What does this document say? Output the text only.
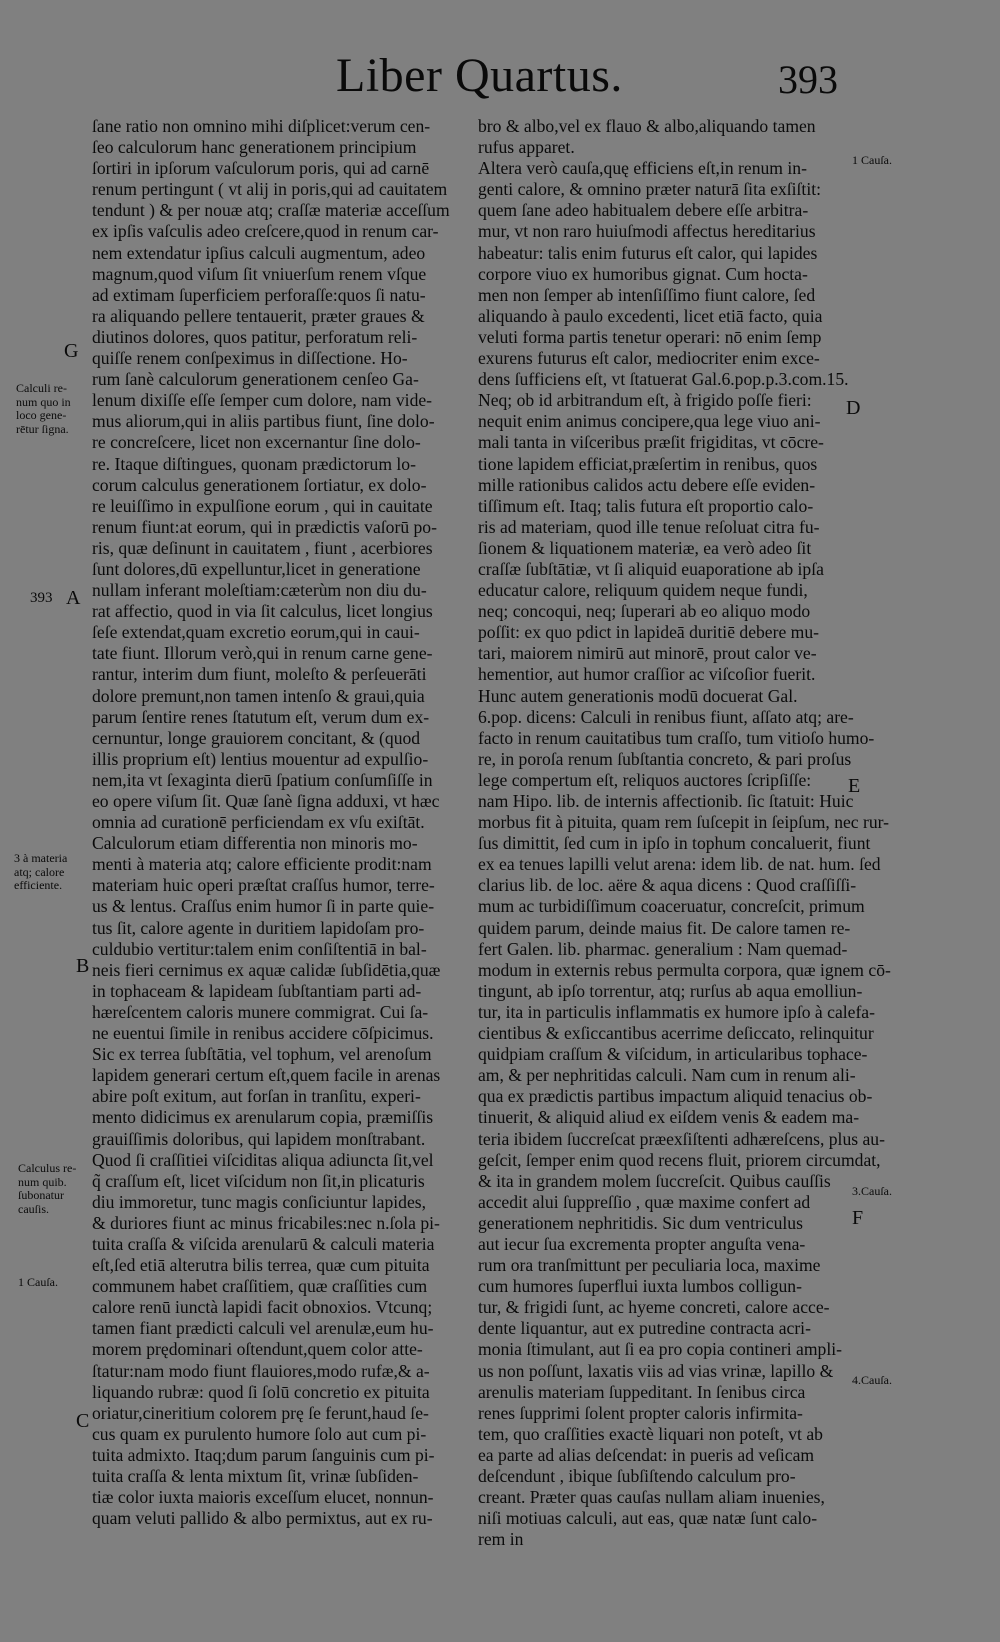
Liber Quartus.	393
ſane ratio non omnino mihi diſplicet:verum cen-
ſeo calculorum hanc generationem principium
ſortiri in ipſorum vaſculorum poris, qui ad carnē
renum pertingunt ( vt alij in poris,qui ad cauitatem
tendunt ) & per nouæ atq; craſſæ materiæ acceſſum
ex ipſis vaſculis adeo creſcere,quod in renum car-
nem extendatur ipſius calculi augmentum, adeo
magnum,quod viſum ſit vniuerſum renem vſque
ad extimam ſuperficiem perforaſſe:quos ſi natu-
ra aliquando pellere tentauerit, præter graues &
diutinos dolores, quos patitur, perforatum reli-
quiſſe renem conſpeximus in diſſectione. Ho-
rum ſanè calculorum generationem cenſeo Ga-
lenum dixiſſe eſſe ſemper cum dolore, nam vide-
mus aliorum,qui in aliis partibus fiunt, ſine dolo-
re concreſcere, licet non excernantur ſine dolo-
re. Itaque diſtingues, quonam prædictorum lo-
corum calculus generationem ſortiatur, ex dolo-
re leuiſſimo in expulſione eorum , qui in cauitate
renum fiunt:at eorum, qui in prædictis vaſorū po-
ris, quæ deſinunt in cauitatem , fiunt , acerbiores
ſunt dolores,dū expelluntur,licet in generatione
nullam inferant moleſtiam:cæterùm non diu du-
rat affectio, quod in via ſit calculus, licet longius
ſeſe extendat,quam excretio eorum,qui in caui-
tate fiunt. Illorum verò,qui in renum carne gene-
rantur, interim dum fiunt, moleſto & perſeuerāti
dolore premunt,non tamen intenſo & graui,quia
parum ſentire renes ſtatutum eſt, verum dum ex-
cernuntur, longe grauiorem concitant, & (quod
illis proprium eſt) lentius mouentur ad expulſio-
nem,ita vt ſexaginta dierū ſpatium conſumſiſſe in
eo opere viſum ſit. Quæ ſanè ſigna adduxi, vt hæc
omnia ad curationē perficiendam ex vſu exiſtāt.
Calculorum etiam differentia non minoris mo-
menti à materia atq; calore efficiente prodit:nam
materiam huic operi præſtat craſſus humor, terre-
us & lentus. Craſſus enim humor ſi in parte quie-
tus ſit, calore agente in duritiem lapidoſam pro-
culdubio vertitur:talem enim conſiſtentiā in bal-
neis fieri cernimus ex aquæ calidæ ſubſidētia,quæ
in tophaceam & lapideam ſubſtantiam parti ad-
hæreſcentem caloris munere commigrat. Cui ſa-
ne euentui ſimile in renibus accidere cōſpicimus.
Sic ex terrea ſubſtātia, vel tophum, vel arenoſum
lapidem generari certum eſt,quem facile in arenas
abire poſt exitum, aut forſan in tranſitu, experi-
mento didicimus ex arenularum copia, præmiſſis
grauiſſimis doloribus, qui lapidem monſtrabant.
Quod ſi craſſitiei viſciditas aliqua adiuncta ſit,vel
q̃ craſſum eſt, licet viſcidum non ſit,in plicaturis
diu immoretur, tunc magis conſiciuntur lapides,
& duriores fiunt ac minus fricabiles:nec n.ſola pi-
tuita craſſa & viſcida arenularū & calculi materia
eſt,ſed etiā alterutra bilis terrea, quæ cum pituita
communem habet craſſitiem, quæ craſſities cum
calore renū iunctà lapidi facit obnoxios. Vtcunq;
tamen fiant prædicti calculi vel arenulæ,eum hu-
morem prędominari oſtendunt,quem color atte-
ſtatur:nam modo fiunt flauiores,modo rufæ,& a-
liquando rubræ: quod ſi ſolū concretio ex pituita
oriatur,cineritium colorem prę ſe ferunt,haud ſe-
cus quam ex purulento humore ſolo aut cum pi-
tuita admixto. Itaq;dum parum ſanguinis cum pi-
tuita craſſa & lenta mixtum ſit, vrinæ ſubſiden-
tiæ color iuxta maioris exceſſum elucet, nonnun-
quam veluti pallido & albo permixtus, aut ex ru-
bro & albo,vel ex flauo & albo,aliquando tamen
rufus apparet.
Altera verò cauſa,quę efficiens eſt,in renum in-
genti calore, & omnino præter naturā ſita exſiſtit:
quem ſane adeo habitualem debere eſſe arbitra-
mur, vt non raro huiuſmodi affectus hereditarius
habeatur: talis enim futurus eſt calor, qui lapides
corpore viuo ex humoribus gignat. Cum hocta-
men non ſemper ab intenſiſſimo fiunt calore, ſed
aliquando à paulo excedenti, licet etiā facto, quia
veluti forma partis tenetur operari: nō enim ſemp
exurens futurus eſt calor, mediocriter enim exce-
dens ſufficiens eſt, vt ſtatuerat Gal.6.pop.p.3.com.15.
Neq; ob id arbitrandum eſt, à frigido poſſe fieri:
nequit enim animus concipere,qua lege viuo ani-
mali tanta in viſceribus præſit frigiditas, vt cōcre-
tione lapidem efficiat,præſertim in renibus, quos
mille rationibus calidos actu debere eſſe eviden-
tiſſimum eſt. Itaq; talis futura eſt proportio calo-
ris ad materiam, quod ille tenue reſoluat citra fu-
ſionem & liquationem materiæ, ea verò adeo ſit
craſſæ ſubſtātiæ, vt ſi aliquid euaporatione ab ipſa
educatur calore, reliquum quidem neque fundi,
neq; concoqui, neq; ſuperari ab eo aliquo modo
poſſit: ex quo pdict in lapideā duritiē debere mu-
tari, maiorem nimirū aut minorē, prout calor ve-
hementior, aut humor craſſior ac viſcoſior fuerit.
Hunc autem generationis modū docuerat Gal.
6.pop. dicens: Calculi in renibus fiunt, aſſato atq; are-
facto in renum cauitatibus tum craſſo, tum vitioſo humo-
re, in poroſa renum ſubſtantia concreto, & pari proſus
lege compertum eſt, reliquos auctores ſcripſiſſe:
nam Hipo. lib. de internis affectionib. ſic ſtatuit: Huic
morbus fit à pituita, quam rem ſuſcepit in ſeipſum, nec rur-
ſus dimittit, ſed cum in ipſo in tophum concaluerit, fiunt
ex ea tenues lapilli velut arena: idem lib. de nat. hum. ſed
clarius lib. de loc. aëre & aqua dicens : Quod craſſiſſi-
mum ac turbidiſſimum coaceruatur, concreſcit, primum
quidem parum, deinde maius fit. De calore tamen re-
fert Galen. lib. pharmac. generalium : Nam quemad-
modum in externis rebus permulta corpora, quæ ignem cō-
tingunt, ab ipſo torrentur, atq; rurſus ab aqua emolliun-
tur, ita in particulis inflammatis ex humore ipſo à calefa-
cientibus & exſiccantibus acerrime deſiccato, relinquitur
quidpiam craſſum & viſcidum, in articularibus tophace-
am, & per nephritidas calculi. Nam cum in renum ali-
qua ex prædictis partibus impactum aliquid tenacius ob-
tinuerit, & aliquid aliud ex eiſdem venis & eadem ma-
teria ibidem ſuccreſcat præexſiſtenti adhæreſcens, plus au-
geſcit, ſemper enim quod recens fluit, priorem circumdat,
& ita in grandem molem ſuccreſcit. Quibus cauſſis
accedit alui ſuppreſſio , quæ maxime confert ad
generationem nephritidis. Sic dum ventriculus
aut iecur ſua excrementa propter anguſta vena-
rum ora tranſmittunt per peculiaria loca, maxime
cum humores ſuperflui iuxta lumbos colligun-
tur, & frigidi ſunt, ac hyeme concreti, calore acce-
dente liquantur, aut ex putredine contracta acri-
monia ſtimulant, aut ſi ea pro copia contineri ampli-
us non poſſunt, laxatis viis ad vias vrinæ, lapillo &
arenulis materiam ſuppeditant. In ſenibus circa
renes ſupprimi ſolent propter caloris infirmita-
tem, quo craſſities exactè liquari non poteſt, vt ab
ea parte ad alias deſcendat: in pueris ad veſicam
deſcendunt , ibique ſubſiſtendo calculum pro-
creant. Præter quas cauſas nullam aliam inuenies,
niſi motiuas calculi, aut eas, quæ natæ ſunt calo-
rem in
Calculi re-
num quo in
loco gene-
rētur ſigna.
393
3 à materia
atq; calore
efficiente.
Calculus re-
num quib.
ſubonatur
cauſis.
1 Cauſa.
1 Cauſa.
3.Cauſa.
4.Cauſa.
G
A
B
C
D
E
F
